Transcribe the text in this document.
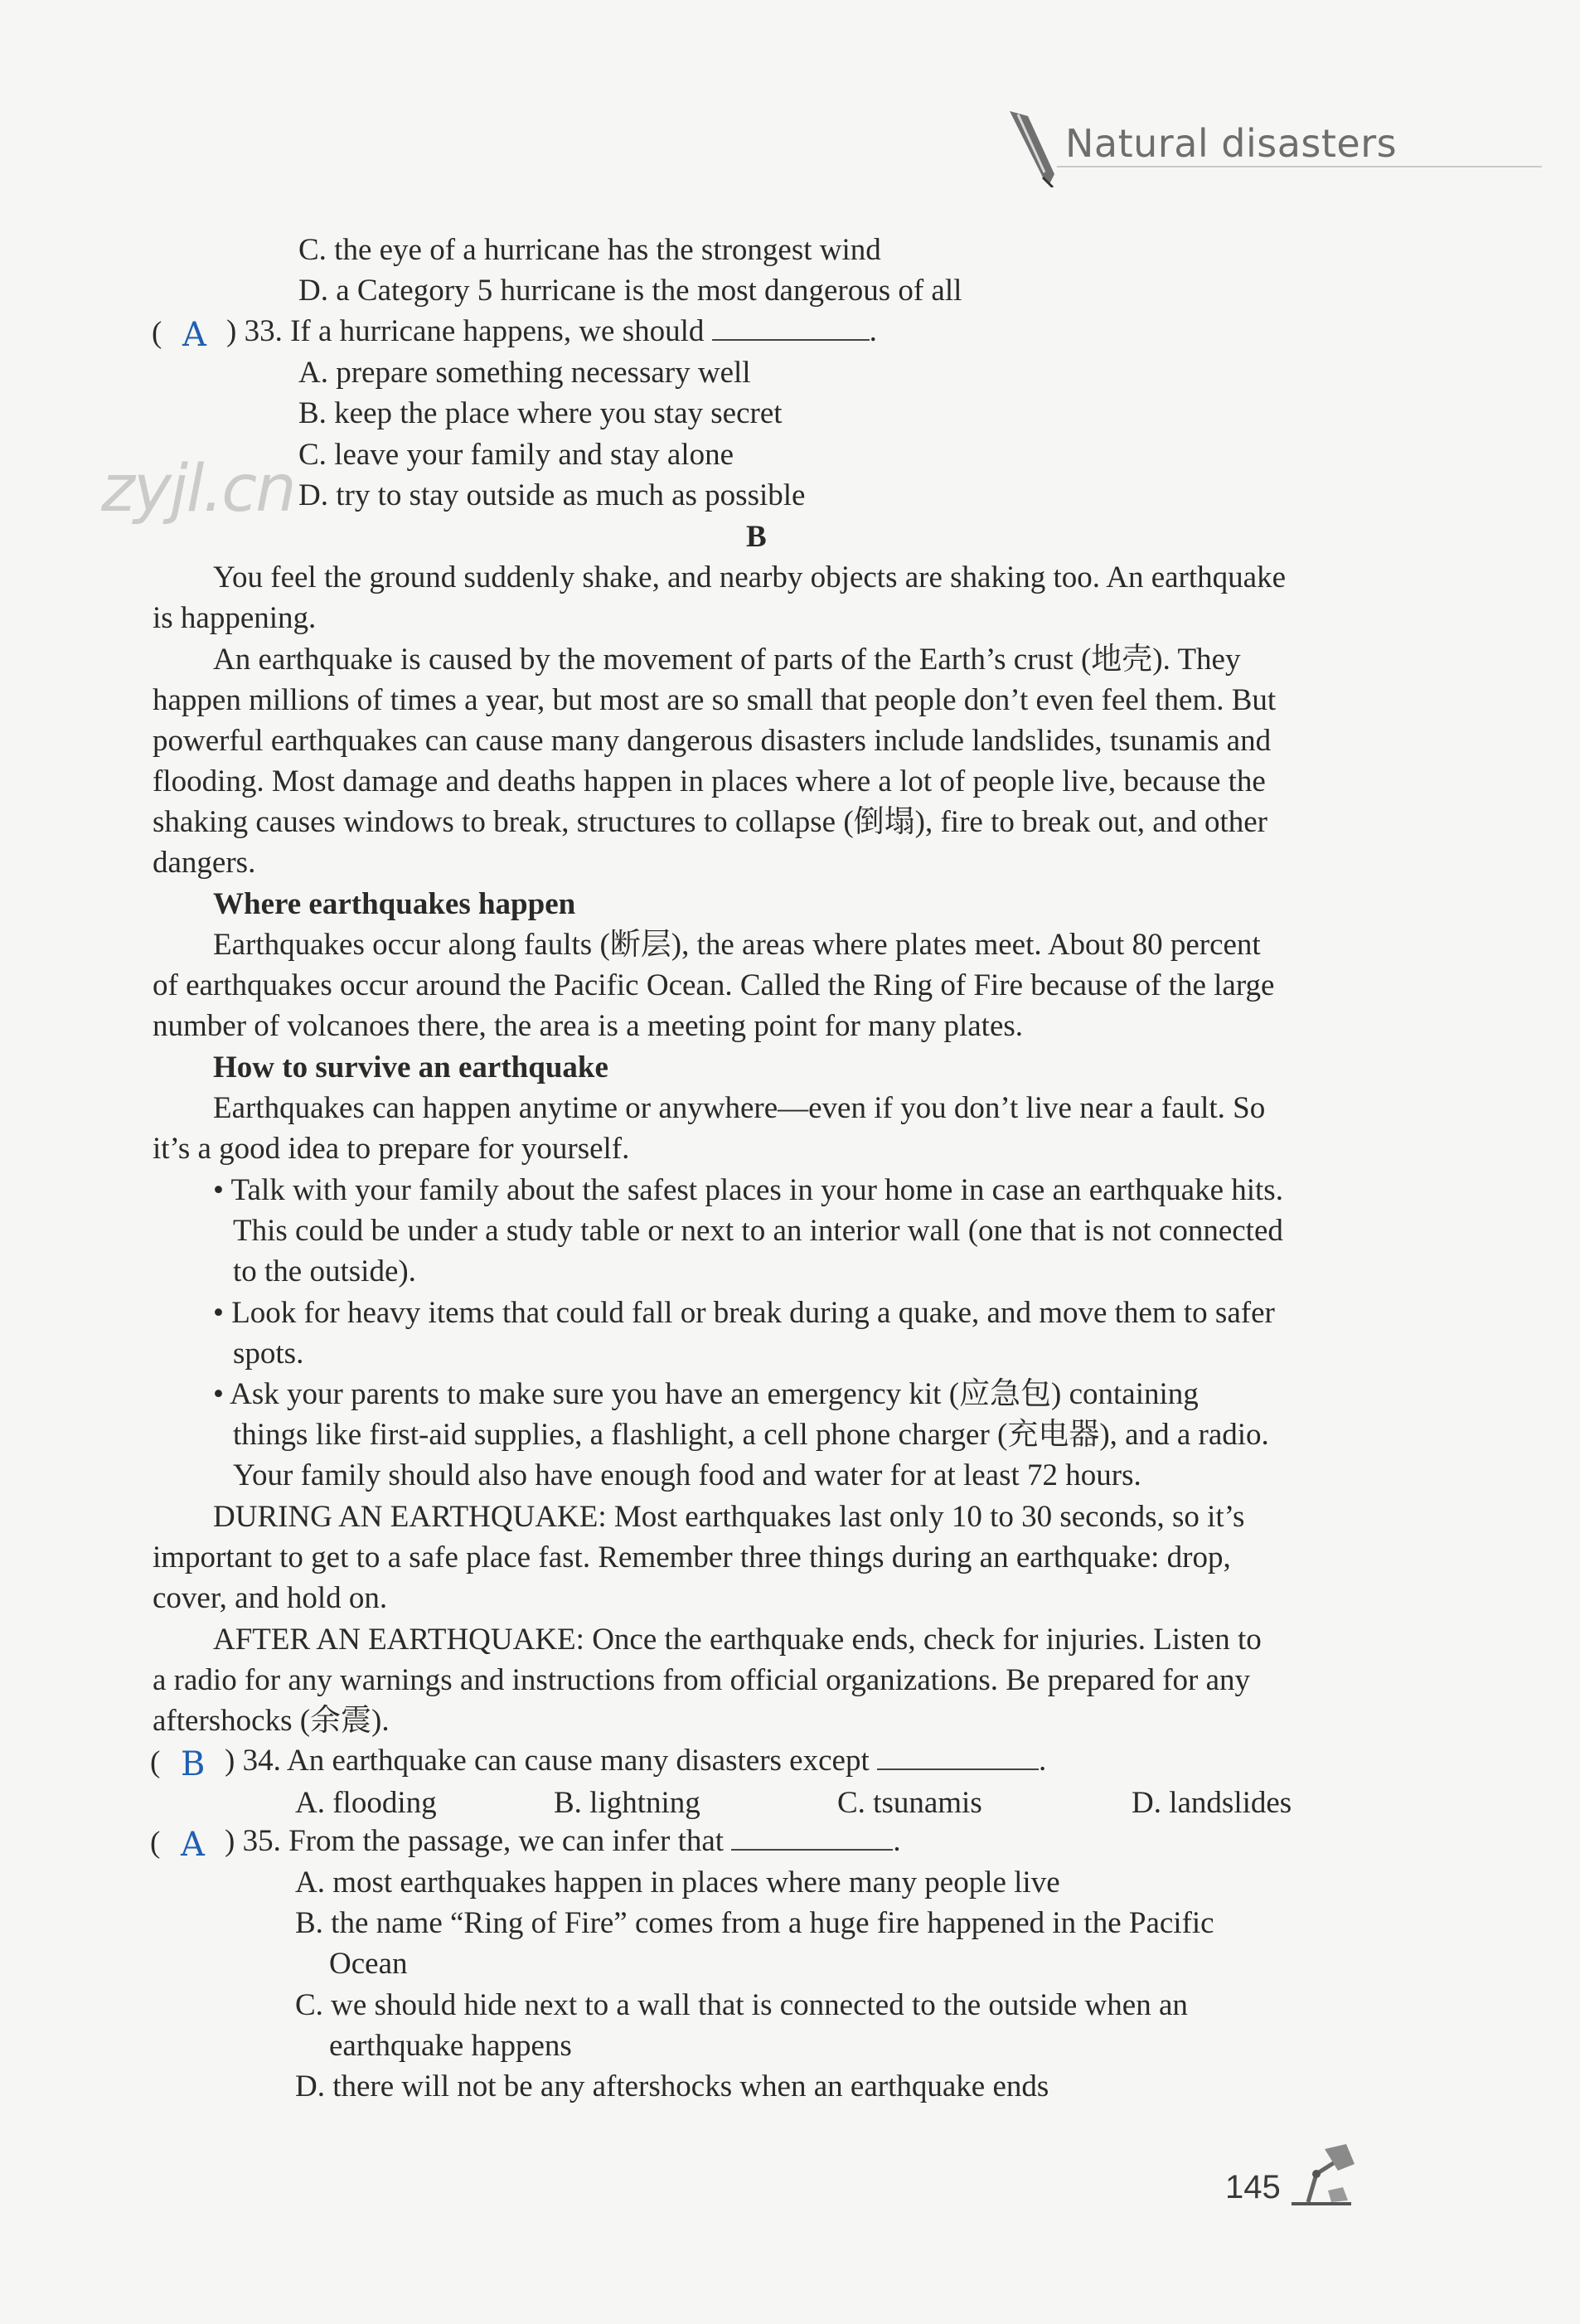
Natural disasters
C. the eye of a hurricane has the strongest wind
D. a Category 5 hurricane is the most dangerous of all
( A ) 33. If a hurricane happens, we should	.
A. prepare something necessary well
B. keep the place where you stay secret
C. leave your family and stay alone
D. try to stay outside as much as possible
zyjl.cn
B
You feel the ground suddenly shake, and nearby objects are shaking too. An earthquake
is happening.
An earthquake is caused by the movement of parts of the Earth’s crust (地壳). They
happen millions of times a year, but most are so small that people don’t even feel them. But
powerful earthquakes can cause many dangerous disasters include landslides, tsunamis and
flooding. Most damage and deaths happen in places where a lot of people live, because the
shaking causes windows to break, structures to collapse (倒塌), fire to break out, and other
dangers.
Where earthquakes happen
Earthquakes occur along faults (断层), the areas where plates meet. About 80 percent
of earthquakes occur around the Pacific Ocean. Called the Ring of Fire because of the large
number of volcanoes there, the area is a meeting point for many plates.
How to survive an earthquake
Earthquakes can happen anytime or anywhere—even if you don’t live near a fault. So
it’s a good idea to prepare for yourself.
• Talk with your family about the safest places in your home in case an earthquake hits.
This could be under a study table or next to an interior wall (one that is not connected
to the outside).
• Look for heavy items that could fall or break during a quake, and move them to safer
spots.
• Ask your parents to make sure you have an emergency kit (应急包) containing
things like first-aid supplies, a flashlight, a cell phone charger (充电器), and a radio.
Your family should also have enough food and water for at least 72 hours.
DURING AN EARTHQUAKE: Most earthquakes last only 10 to 30 seconds, so it’s
important to get to a safe place fast. Remember three things during an earthquake: drop,
cover, and hold on.
AFTER AN EARTHQUAKE: Once the earthquake ends, check for injuries. Listen to
a radio for any warnings and instructions from official organizations. Be prepared for any
aftershocks (余震).
( B ) 34. An earthquake can cause many disasters except	.
A. flooding	B. lightning	C. tsunamis	D. landslides
( A ) 35. From the passage, we can infer that	.
A. most earthquakes happen in places where many people live
B. the name “Ring of Fire” comes from a huge fire happened in the Pacific
Ocean
C. we should hide next to a wall that is connected to the outside when an
earthquake happens
D. there will not be any aftershocks when an earthquake ends
145
